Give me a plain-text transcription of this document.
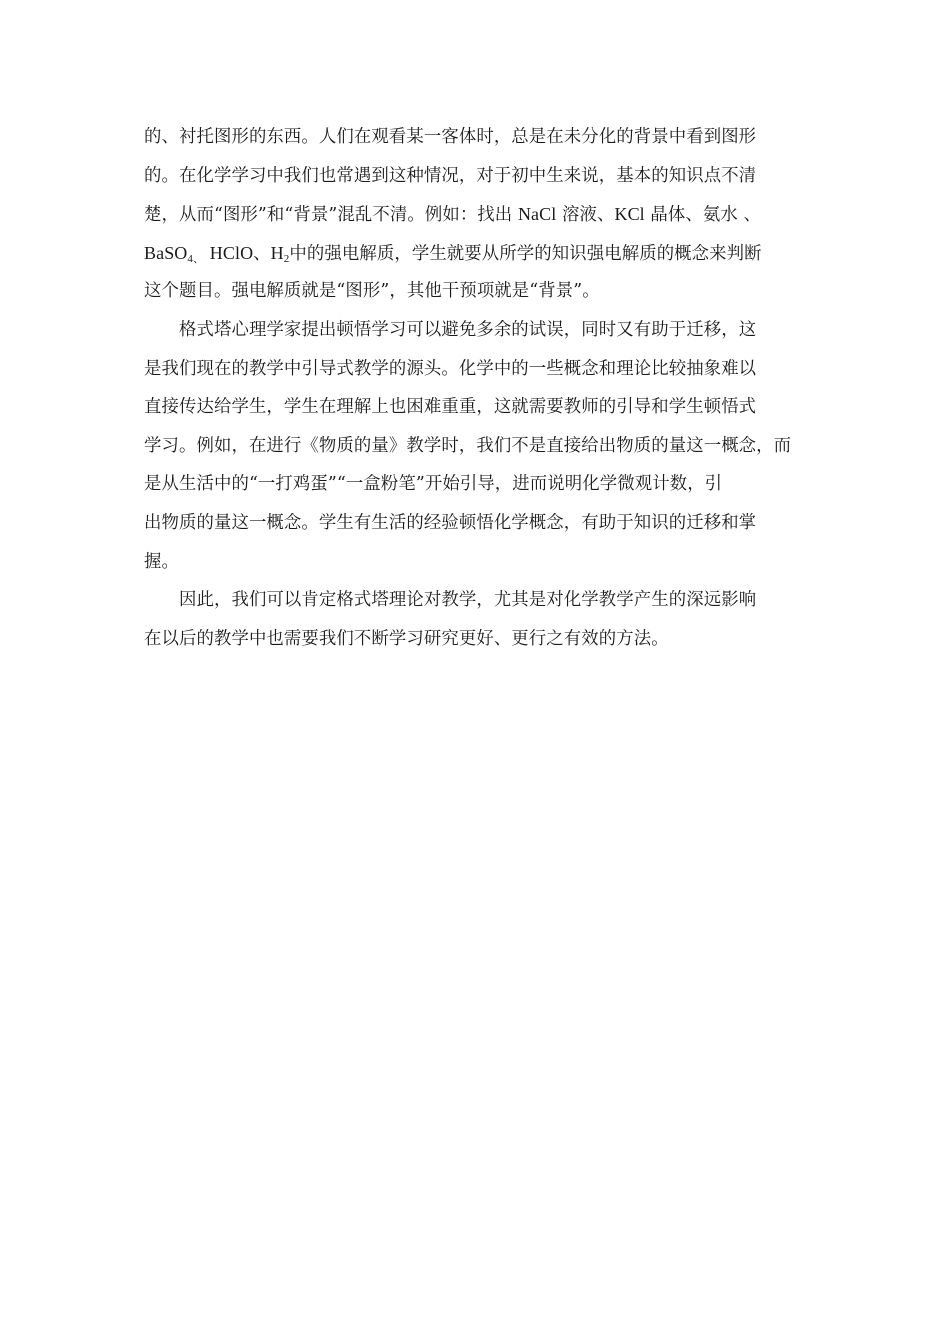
的、衬托图形的东西。人们在观看某一客体时，总是在未分化的背景中看到图形
的。在化学学习中我们也常遇到这种情况，对于初中生来说，基本的知识点不清
楚，从而“图形”和“背景”混乱不清。例如：找出 NaCl 溶液、KCl 晶体、氨水 、
BaSO$_4$、 HClO、$H_2$中的强电解质，学生就要从所学的知识强电解质的概念来判断
这个题目。强电解质就是“图形”，其他干预项就是“背景”。
　　格式塔心理学家提出顿悟学习可以避免多余的试误，同时又有助于迁移，这
是我们现在的教学中引导式教学的源头。化学中的一些概念和理论比较抽象难以
直接传达给学生，学生在理解上也困难重重，这就需要教师的引导和学生顿悟式
学习。例如，在进行《物质的量》教学时，我们不是直接给出物质的量这一概念，而
是从生活中的“一打鸡蛋”“一盒粉笔”开始引导，进而说明化学微观计数，引
出物质的量这一概念。学生有生活的经验顿悟化学概念，有助于知识的迁移和掌
握。
　　因此，我们可以肯定格式塔理论对教学，尤其是对化学教学产生的深远影响
在以后的教学中也需要我们不断学习研究更好、更行之有效的方法。
